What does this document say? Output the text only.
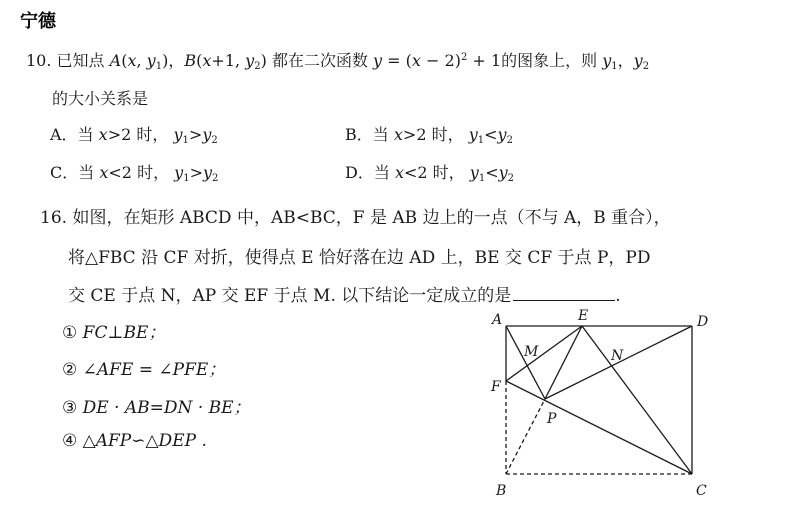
宁德
10. 已知点 A(x, $y_1$)，B(x+1, $y_2$) 都在二次函数 $y = (x - 2)^2 + 1$的图象上，则 $y_1$，$y_2$
的大小关系是
A．当 x>2 时， $y_1>y_2$	B．当 x>2 时， $y_1<y_2$
C．当 x<2 时， $y_1>y_2$	D．当 x<2 时， $y_1<y_2$
16. 如图，在矩形 ABCD 中，AB<BC，F 是 AB 边上的一点（不与 A，B 重合），
将△FBC 沿 CF 对折，使得点 E 恰好落在边 AD 上，BE 交 CF 于点 P，PD
交 CE 于点 N，AP 交 EF 于点 M. 以下结论一定成立的是	.
① FC⊥BE；
② ∠AFE = ∠PFE；
③ DE · AB=DN · BE；
④ △AFP∽△DEP .
A	E	D
M	N
F
P
B	C
